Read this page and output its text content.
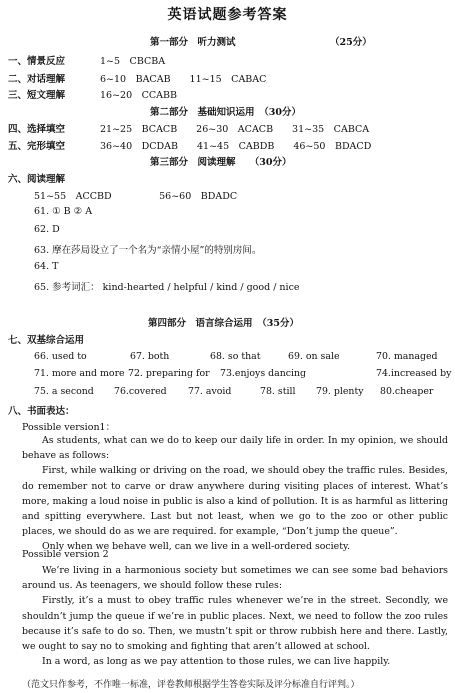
英语试题参考答案
第一部分　听力测试	（25分）
一、情景反应	1~5　CBCBA
二、对话理解	6~10　BACAB　　11~15　CABAC
三、短文理解	16~20　CCABB
第二部分　基础知识运用　（30分）
四、选择填空	21~25　BCACB　　26~30　ACACB　　31~35　CABCA
五、完形填空	36~40　DCDAB　　41~45　CABDB　　46~50　BDACD
第三部分　阅读理解　　（30分）
六、阅读理解
51~55　ACCBD　　　　　56~60　BDADC
61. ① B ② A
62. D
63. 摩在莎局设立了一个名为“亲情小屋”的特别房间。
64. T
65. 参考词汇： kind-hearted / helpful / kind / good / nice
第四部分　语言综合运用　（35分）
七、双基综合运用
66. used to	67. both	68. so that	69. on sale	70. managed
71. more and more 72. preparing for 73.enjoys dancing	74.increased by
75. a second 76.covered 77. avoid	78. still 79. plenty 80.cheaper
八、书面表达：
Possible version1：

As students, what can we do to keep our daily life in order. In my opinion, we should behave as follows:

First, while walking or driving on the road, we should obey the traffic rules. Besides, do remember not to carve or draw anywhere during visiting places of interest. What’s more, making a loud noise in public is also a kind of pollution. It is as harmful as littering and spitting everywhere. Last but not least, when we go to the zoo or other public places, we should do as we are required. for example, “Don’t jump the queue”.

Only when we behave well, can we live in a well-ordered society.

Possible version 2

We’re living in a harmonious society but sometimes we can see some bad behaviors around us. As teenagers, we should follow these rules:

Firstly, it’s a must to obey traffic rules whenever we’re in the street. Secondly, we shouldn’t jump the queue if we’re in public places. Next, we need to follow the zoo rules because it’s safe to do so. Then, we mustn’t spit or throw rubbish here and there. Lastly, we ought to say no to smoking and fighting that aren’t allowed at school.

In a word, as long as we pay attention to those rules, we can live happily.

（范文只作参考，不作唯一标准，评卷教师根据学生答卷实际及评分标准自行评判。）
